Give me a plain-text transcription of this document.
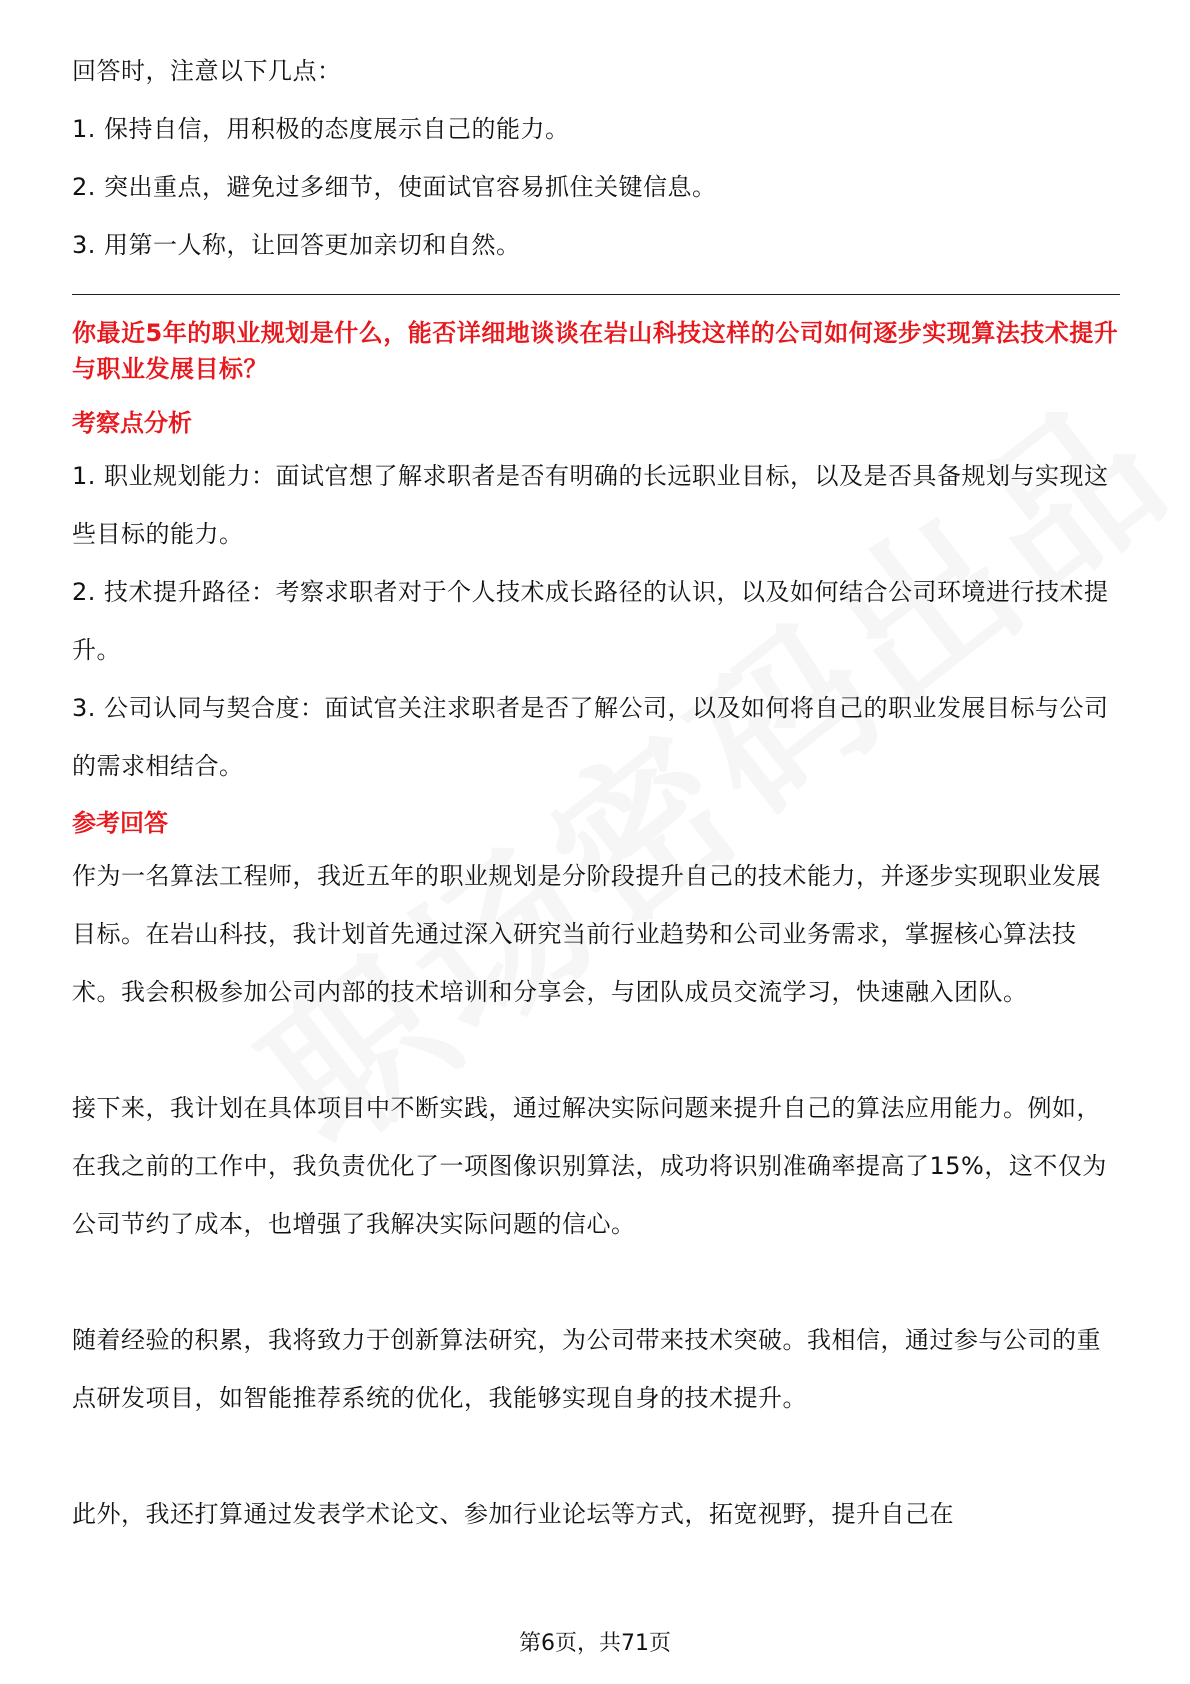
回答时，注意以下几点：

1. 保持自信，用积极的态度展示自己的能力。

2. 突出重点，避免过多细节，使面试官容易抓住关键信息。

3. 用第一人称，让回答更加亲切和自然。

你最近5年的职业规划是什么，能否详细地谈谈在岩山科技这样的公司如何逐步实现算法技术提升与职业发展目标？

考察点分析

1. 职业规划能力：面试官想了解求职者是否有明确的长远职业目标，以及是否具备规划与实现这些目标的能力。

2. 技术提升路径：考察求职者对于个人技术成长路径的认识，以及如何结合公司环境进行技术提升。

3. 公司认同与契合度：面试官关注求职者是否了解公司，以及如何将自己的职业发展目标与公司的需求相结合。

参考回答

作为一名算法工程师，我近五年的职业规划是分阶段提升自己的技术能力，并逐步实现职业发展目标。在岩山科技，我计划首先通过深入研究当前行业趋势和公司业务需求，掌握核心算法技术。我会积极参加公司内部的技术培训和分享会，与团队成员交流学习，快速融入团队。

接下来，我计划在具体项目中不断实践，通过解决实际问题来提升自己的算法应用能力。例如，在我之前的工作中，我负责优化了一项图像识别算法，成功将识别准确率提高了15%，这不仅为公司节约了成本，也增强了我解决实际问题的信心。

随着经验的积累，我将致力于创新算法研究，为公司带来技术突破。我相信，通过参与公司的重点研发项目，如智能推荐系统的优化，我能够实现自身的技术提升。

此外，我还打算通过发表学术论文、参加行业论坛等方式，拓宽视野，提升自己在

第6页，共71页
